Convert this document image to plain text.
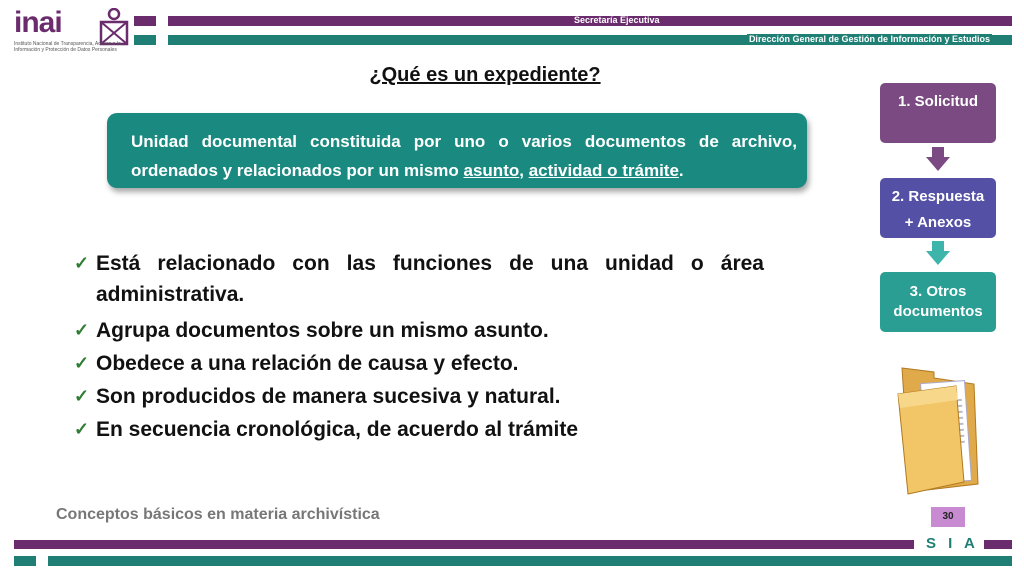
inai
Instituto Nacional de Transparencia, Acceso a la Información y Protección de Datos Personales
Secretaría Ejecutiva
Dirección General de Gestión de Información y Estudios
¿Qué es un expediente?
Unidad documental constituida por uno o varios documentos de archivo, ordenados y relacionados por un mismo asunto, actividad o trámite.
✓ Está relacionado con las funciones de una unidad o área administrativa.
✓ Agrupa documentos sobre un mismo asunto.
✓ Obedece a una relación de causa y efecto.
✓ Son producidos de manera sucesiva y natural.
✓ En secuencia cronológica, de acuerdo al trámite
1. Solicitud
2. Respuesta
+ Anexos
3. Otros
documentos
Conceptos básicos en materia archivística	30
S I A
